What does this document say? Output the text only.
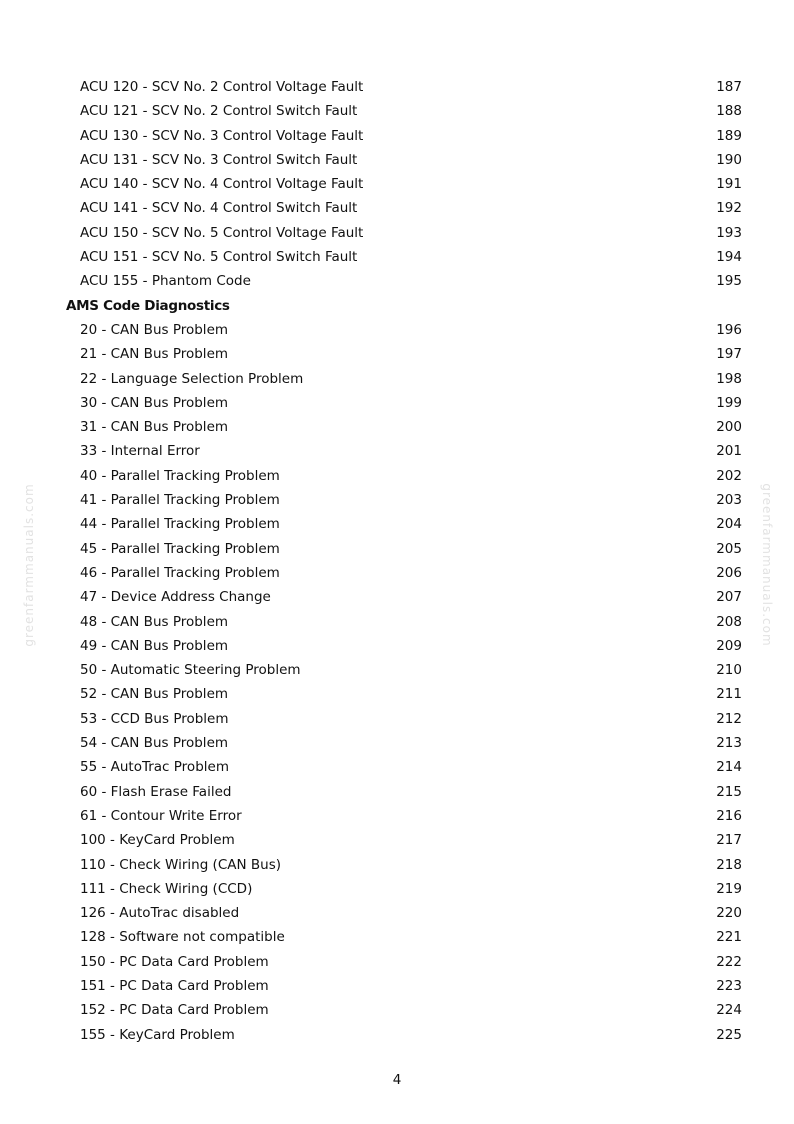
greenfarmmanuals.com	greenfarmmanuals.com
ACU 120 - SCV No. 2 Control Voltage Fault	187
ACU 121 - SCV No. 2 Control Switch Fault	188
ACU 130 - SCV No. 3 Control Voltage Fault	189
ACU 131 - SCV No. 3 Control Switch Fault	190
ACU 140 - SCV No. 4 Control Voltage Fault	191
ACU 141 - SCV No. 4 Control Switch Fault	192
ACU 150 - SCV No. 5 Control Voltage Fault	193
ACU 151 - SCV No. 5 Control Switch Fault	194
ACU 155 - Phantom Code	195
AMS Code Diagnostics
20 - CAN Bus Problem	196
21 - CAN Bus Problem	197
22 - Language Selection Problem	198
30 - CAN Bus Problem	199
31 - CAN Bus Problem	200
33 - Internal Error	201
40 - Parallel Tracking Problem	202
41 - Parallel Tracking Problem	203
44 - Parallel Tracking Problem	204
45 - Parallel Tracking Problem	205
46 - Parallel Tracking Problem	206
47 - Device Address Change	207
48 - CAN Bus Problem	208
49 - CAN Bus Problem	209
50 - Automatic Steering Problem	210
52 - CAN Bus Problem	211
53 - CCD Bus Problem	212
54 - CAN Bus Problem	213
55 - AutoTrac Problem	214
60 - Flash Erase Failed	215
61 - Contour Write Error	216
100 - KeyCard Problem	217
110 - Check Wiring (CAN Bus)	218
111 - Check Wiring (CCD)	219
126 - AutoTrac disabled	220
128 - Software not compatible	221
150 - PC Data Card Problem	222
151 - PC Data Card Problem	223
152 - PC Data Card Problem	224
155 - KeyCard Problem	225
4
